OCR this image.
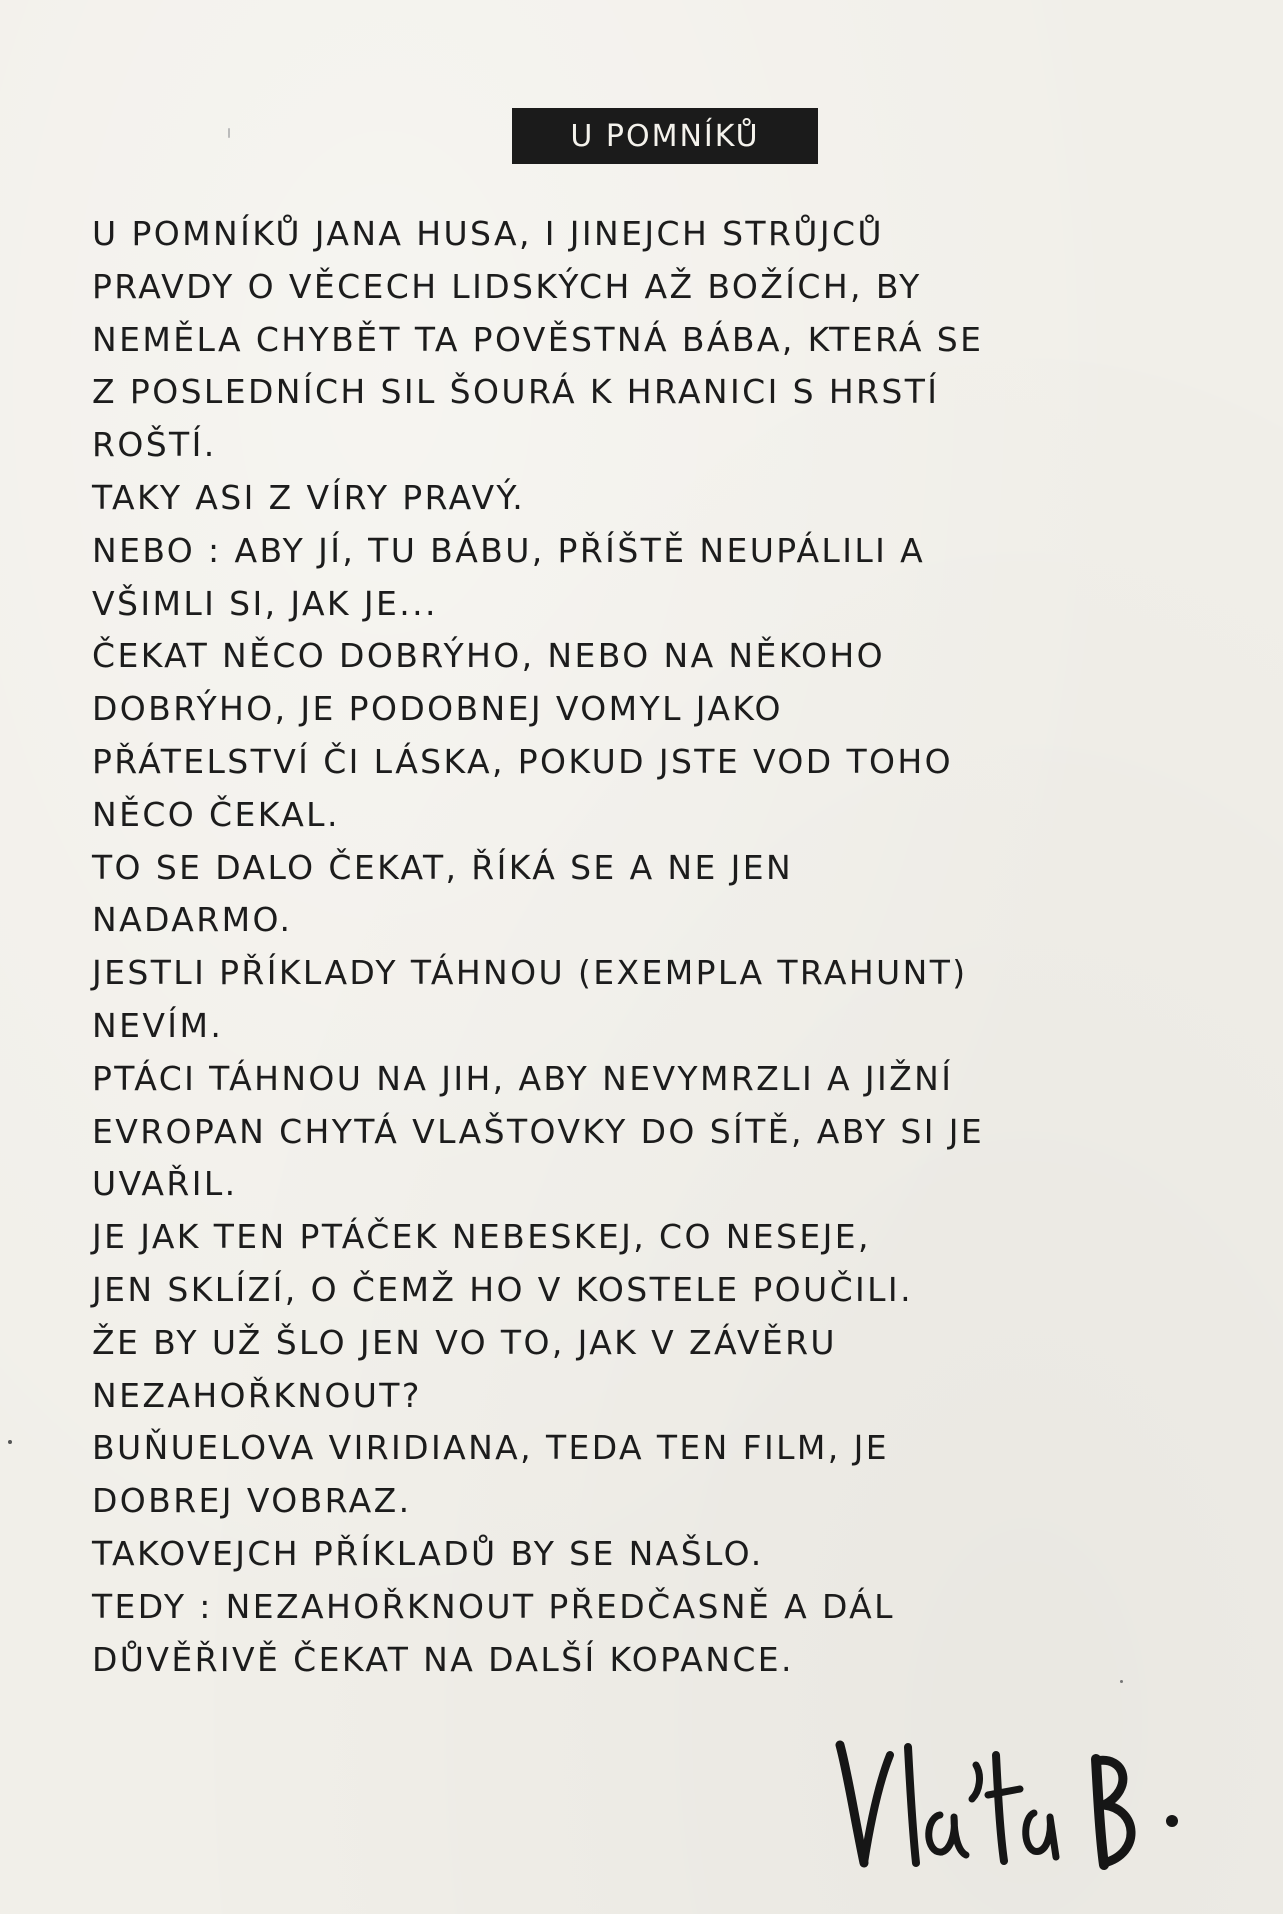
U POMNÍKŮ
U POMNÍKŮ JANA HUSA, I JINEJCH STRŮJCŮ
PRAVDY O VĚCECH LIDSKÝCH AŽ BOŽÍCH, BY
NEMĚLA CHYBĚT TA POVĚSTNÁ BÁBA, KTERÁ SE
Z POSLEDNÍCH SIL ŠOURÁ K HRANICI S HRSTÍ
ROŠTÍ.
TAKY ASI Z VÍRY PRAVÝ.
NEBO : ABY JÍ, TU BÁBU, PŘÍŠTĚ NEUPÁLILI A
VŠIMLI SI, JAK JE...
ČEKAT NĚCO DOBRÝHO, NEBO NA NĚKOHO
DOBRÝHO, JE PODOBNEJ VOMYL JAKO
PŘÁTELSTVÍ ČI LÁSKA, POKUD JSTE VOD TOHO
NĚCO ČEKAL.
TO SE DALO ČEKAT, ŘÍKÁ SE A NE JEN
NADARMO.
JESTLI PŘÍKLADY TÁHNOU (EXEMPLA TRAHUNT)
NEVÍM.
PTÁCI TÁHNOU NA JIH, ABY NEVYMRZLI A JIŽNÍ
EVROPAN CHYTÁ VLAŠTOVKY DO SÍTĚ, ABY SI JE
UVAŘIL.
JE JAK TEN PTÁČEK NEBESKEJ, CO NESEJE,
JEN SKLÍZÍ, O ČEMŽ HO V KOSTELE POUČILI.
ŽE BY UŽ ŠLO JEN VO TO, JAK V ZÁVĚRU
NEZAHOŘKNOUT?
BUŇUELOVA VIRIDIANA, TEDA TEN FILM, JE
DOBREJ VOBRAZ.
TAKOVEJCH PŘÍKLADŮ BY SE NAŠLO.
TEDY : NEZAHOŘKNOUT PŘEDČASNĚ A DÁL
DŮVĚŘIVĚ ČEKAT NA DALŠÍ KOPANCE.
